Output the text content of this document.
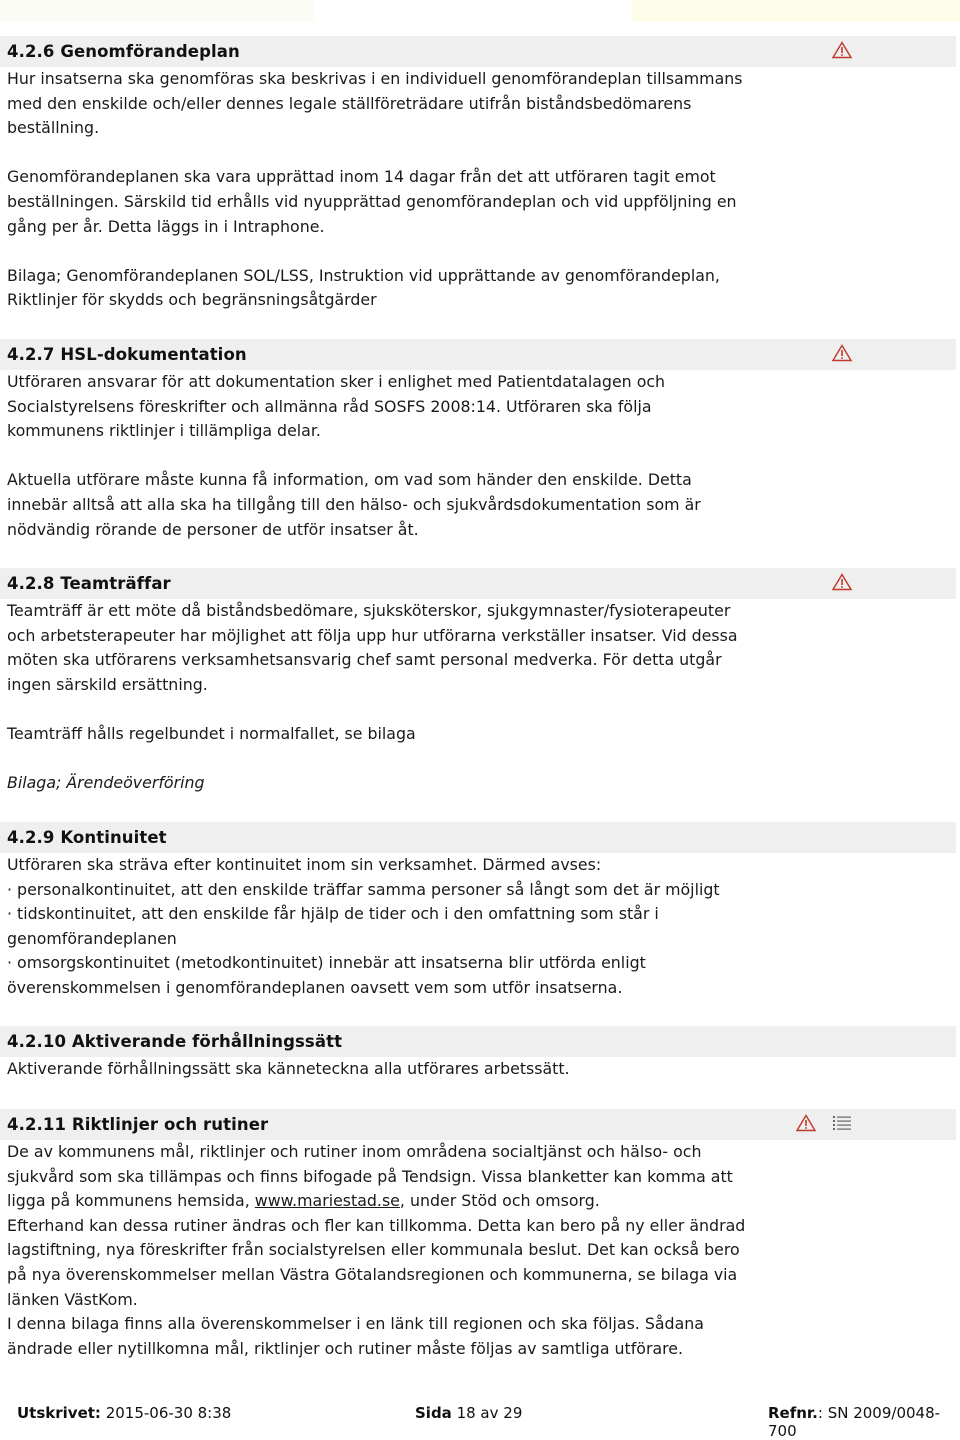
4.2.6 Genomförandeplan

Hur insatserna ska genomföras ska beskrivas i en individuell genomförandeplan tillsammans

med den enskilde och/eller dennes legale ställföreträdare utifrån biståndsbedömarens

beställning.

Genomförandeplanen ska vara upprättad inom 14 dagar från det att utföraren tagit emot

beställningen. Särskild tid erhålls vid nyupprättad genomförandeplan och vid uppföljning en

gång per år. Detta läggs in i Intraphone.

Bilaga; Genomförandeplanen SOL/LSS, Instruktion vid upprättande av genomförandeplan,

Riktlinjer för skydds och begränsningsåtgärder

4.2.7 HSL-dokumentation

Utföraren ansvarar för att dokumentation sker i enlighet med Patientdatalagen och

Socialstyrelsens föreskrifter och allmänna råd SOSFS 2008:14. Utföraren ska följa

kommunens riktlinjer i tillämpliga delar.

Aktuella utförare måste kunna få information, om vad som händer den enskilde. Detta

innebär alltså att alla ska ha tillgång till den hälso- och sjukvårdsdokumentation som är

nödvändig rörande de personer de utför insatser åt.

4.2.8 Teamträffar

Teamträff är ett möte då biståndsbedömare, sjuksköterskor, sjukgymnaster/fysioterapeuter

och arbetsterapeuter har möjlighet att följa upp hur utförarna verkställer insatser. Vid dessa

möten ska utförarens verksamhetsansvarig chef samt personal medverka. För detta utgår

ingen särskild ersättning.

Teamträff hålls regelbundet i normalfallet, se bilaga

Bilaga; Ärendeöverföring

4.2.9 Kontinuitet

Utföraren ska sträva efter kontinuitet inom sin verksamhet. Därmed avses:

· personalkontinuitet, att den enskilde träffar samma personer så långt som det är möjligt

· tidskontinuitet, att den enskilde får hjälp de tider och i den omfattning som står i

genomförandeplanen

· omsorgskontinuitet (metodkontinuitet) innebär att insatserna blir utförda enligt

överenskommelsen i genomförandeplanen oavsett vem som utför insatserna.

4.2.10 Aktiverande förhållningssätt

Aktiverande förhållningssätt ska känneteckna alla utförares arbetssätt.

4.2.11 Riktlinjer och rutiner

De av kommunens mål, riktlinjer och rutiner inom områdena socialtjänst och hälso- och

sjukvård som ska tillämpas och finns bifogade på Tendsign. Vissa blanketter kan komma att

ligga på kommunens hemsida, www.mariestad.se, under Stöd och omsorg.

Efterhand kan dessa rutiner ändras och fler kan tillkomma. Detta kan bero på ny eller ändrad

lagstiftning, nya föreskrifter från socialstyrelsen eller kommunala beslut. Det kan också bero

på nya överenskommelser mellan Västra Götalandsregionen och kommunerna, se bilaga via

länken VästKom.

I denna bilaga finns alla överenskommelser i en länk till regionen och ska följas. Sådana

ändrade eller nytillkomna mål, riktlinjer och rutiner måste följas av samtliga utförare.

Utskrivet: 2015-06-30 8:38	Sida 18 av 29	Refnr.: SN 2009/0048-700
